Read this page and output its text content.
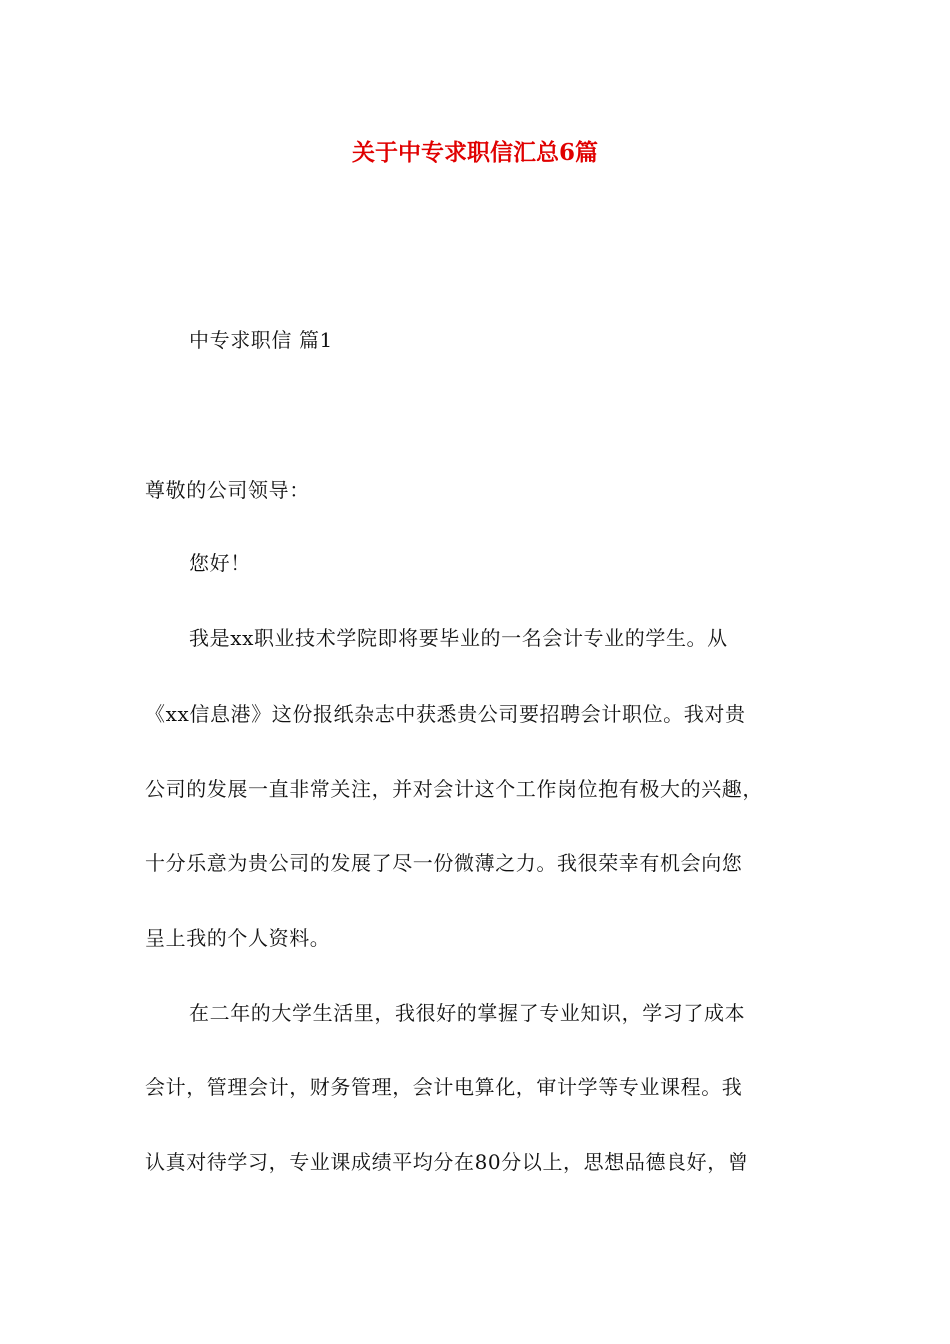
关于中专求职信汇总6篇
中专求职信 篇1
尊敬的公司领导：
您好！
我是xx职业技术学院即将要毕业的一名会计专业的学生。从
《xx信息港》这份报纸杂志中获悉贵公司要招聘会计职位。我对贵
公司的发展一直非常关注，并对会计这个工作岗位抱有极大的兴趣，
十分乐意为贵公司的发展了尽一份微薄之力。我很荣幸有机会向您
呈上我的个人资料。
在二年的大学生活里，我很好的掌握了专业知识，学习了成本
会计，管理会计，财务管理，会计电算化，审计学等专业课程。我
认真对待学习，专业课成绩平均分在80分以上，思想品德良好，曾
